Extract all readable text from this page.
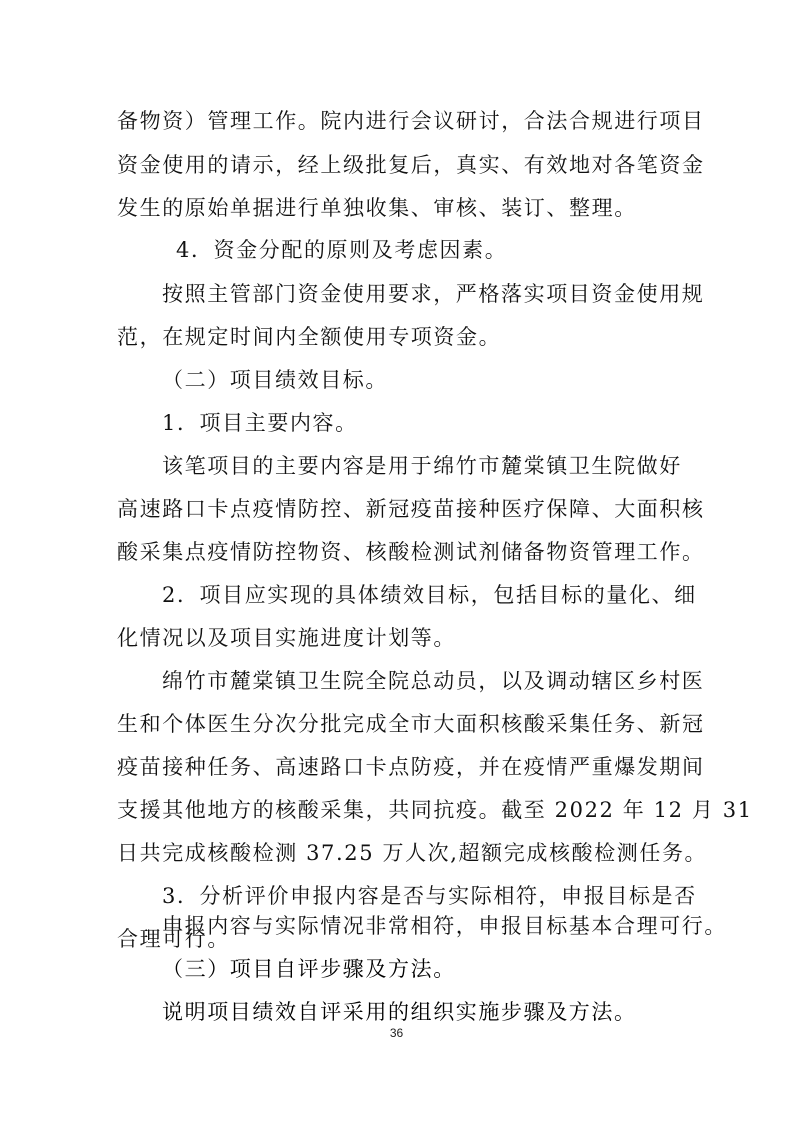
备物资）管理工作。院内进行会议研讨，合法合规进行项目
资金使用的请示，经上级批复后，真实、有效地对各笔资金
发生的原始单据进行单独收集、审核、装订、整理。
4．资金分配的原则及考虑因素。
按照主管部门资金使用要求，严格落实项目资金使用规
范，在规定时间内全额使用专项资金。
（二）项目绩效目标。
1．项目主要内容。
该笔项目的主要内容是用于绵竹市麓棠镇卫生院做好
高速路口卡点疫情防控、新冠疫苗接种医疗保障、大面积核
酸采集点疫情防控物资、核酸检测试剂储备物资管理工作。
2．项目应实现的具体绩效目标，包括目标的量化、细
化情况以及项目实施进度计划等。
绵竹市麓棠镇卫生院全院总动员，以及调动辖区乡村医
生和个体医生分次分批完成全市大面积核酸采集任务、新冠
疫苗接种任务、高速路口卡点防疫，并在疫情严重爆发期间
支援其他地方的核酸采集，共同抗疫。截至 2022 年 12 月 31
日共完成核酸检测 37.25 万人次,超额完成核酸检测任务。
3．分析评价申报内容是否与实际相符，申报目标是否
合理可行。
申报内容与实际情况非常相符，申报目标基本合理可行。
（三）项目自评步骤及方法。
说明项目绩效自评采用的组织实施步骤及方法。
36
